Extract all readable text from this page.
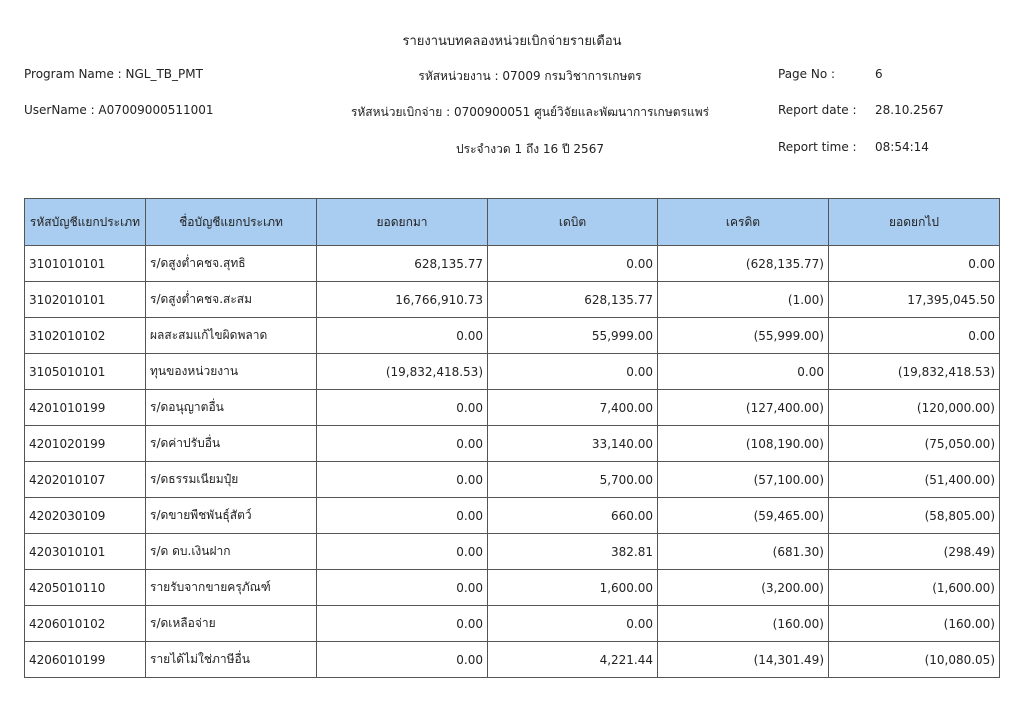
รายงานบทคลองหน่วยเบิกจ่ายรายเดือน
Program Name : NGL_TB_PMT
UserName : A07009000511001
รหัสหน่วยงาน : 07009 กรมวิชาการเกษตร
รหัสหน่วยเบิกจ่าย : 0700900051 ศูนย์วิจัยและพัฒนาการเกษตรแพร่
ประจำงวด 1 ถึง 16 ปี 2567
Page No :	6
Report date : 28.10.2567
Report time : 08:54:14
รหัสบัญชีแยกประเภท	ชื่อบัญชีแยกประเภท	ยอดยกมา	เดบิต	เครดิต	ยอดยกไป
3101010101	ร/ดสูงต่ำคชจ.สุทธิ	628,135.77	0.00	(628,135.77)	0.00
3102010101	ร/ดสูงต่ำคชจ.สะสม	16,766,910.73	628,135.77	(1.00)	17,395,045.50
3102010102	ผลสะสมแก้ไขผิดพลาด	0.00	55,999.00	(55,999.00)	0.00
3105010101	ทุนของหน่วยงาน	(19,832,418.53)	0.00	0.00	(19,832,418.53)
4201010199	ร/ดอนุญาตอื่น	0.00	7,400.00	(127,400.00)	(120,000.00)
4201020199	ร/ดค่าปรับอื่น	0.00	33,140.00	(108,190.00)	(75,050.00)
4202010107	ร/ดธรรมเนียมปุ๋ย	0.00	5,700.00	(57,100.00)	(51,400.00)
4202030109	ร/ดขายพืชพันธุ์สัตว์	0.00	660.00	(59,465.00)	(58,805.00)
4203010101	ร/ด ดบ.เงินฝาก	0.00	382.81	(681.30)	(298.49)
4205010110	รายรับจากขายครุภัณฑ์	0.00	1,600.00	(3,200.00)	(1,600.00)
4206010102	ร/ดเหลือจ่าย	0.00	0.00	(160.00)	(160.00)
4206010199	รายได้ไม่ใช่ภาษีอื่น	0.00	4,221.44	(14,301.49)	(10,080.05)
